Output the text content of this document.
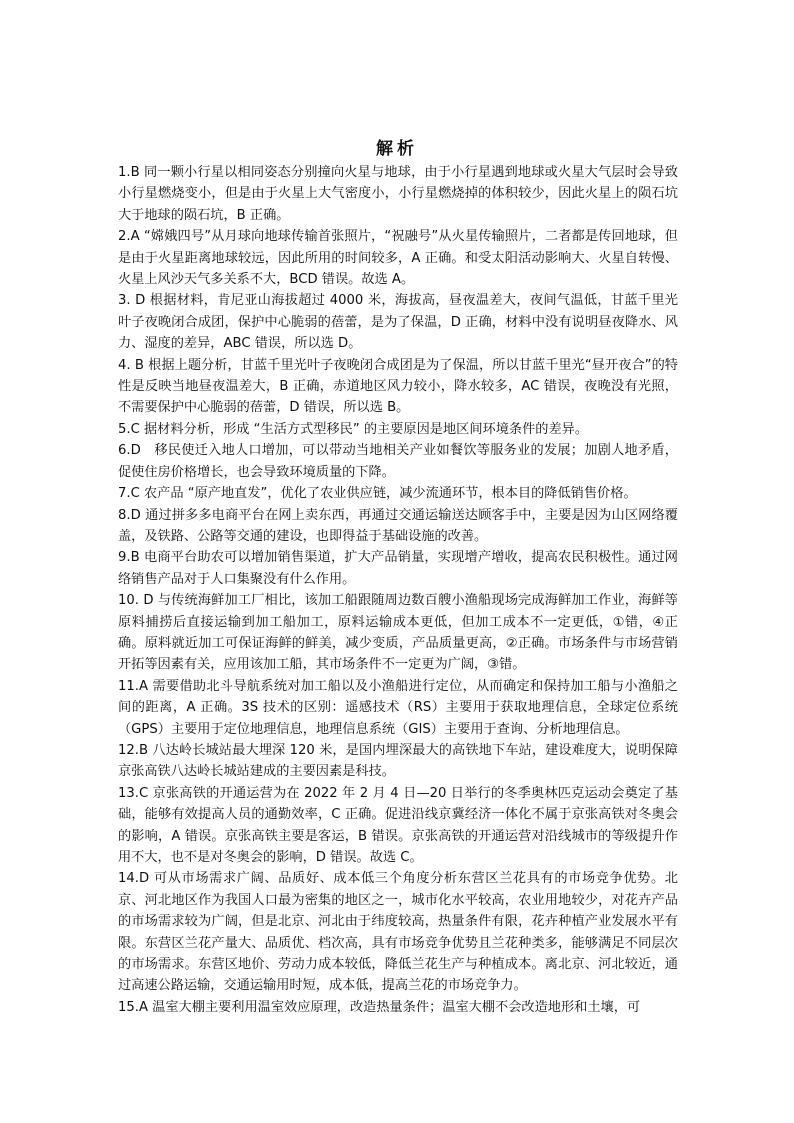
解析

1.B 同一颗小行星以相同姿态分别撞向火星与地球，由于小行星遇到地球或火星大气层时会导致小行星燃烧变小，但是由于火星上大气密度小，小行星燃烧掉的体积较少，因此火星上的陨石坑大于地球的陨石坑，B 正确。

2.A “嫦娥四号”从月球向地球传输首张照片，“祝融号”从火星传输照片，二者都是传回地球，但是由于火星距离地球较远，因此所用的时间较多，A 正确。和受太阳活动影响大、火星自转慢、火星上风沙天气多关系不大，BCD 错误。故选 A。

3. D 根据材料，肯尼亚山海拔超过 4000 米，海拔高，昼夜温差大，夜间气温低，甘蓝千里光叶子夜晚闭合成团，保护中心脆弱的蓓蕾，是为了保温，D 正确，材料中没有说明昼夜降水、风力、湿度的差异，ABC 错误，所以选 D。

4. B 根据上题分析，甘蓝千里光叶子夜晚闭合成团是为了保温，所以甘蓝千里光“昼开夜合”的特性是反映当地昼夜温差大，B 正确，赤道地区风力较小，降水较多，AC 错误，夜晚没有光照，不需要保护中心脆弱的蓓蕾，D 错误，所以选 B。

5.C 据材料分析，形成 “生活方式型移民” 的主要原因是地区间环境条件的差异。

6.D　移民使迁入地人口增加，可以带动当地相关产业如餐饮等服务业的发展；加剧人地矛盾，促使住房价格增长，也会导致环境质量的下降。

7.C 农产品 “原产地直发”，优化了农业供应链，减少流通环节，根本目的降低销售价格。

8.D 通过拼多多电商平台在网上卖东西，再通过交通运输送达顾客手中，主要是因为山区网络覆盖，及铁路、公路等交通的建设，也即得益于基础设施的改善。

9.B 电商平台助农可以增加销售渠道，扩大产品销量，实现增产增收，提高农民积极性。通过网络销售产品对于人口集聚没有什么作用。

10. D 与传统海鲜加工厂相比，该加工船跟随周边数百艘小渔船现场完成海鲜加工作业，海鲜等原料捕捞后直接运输到加工船加工，原料运输成本更低，但加工成本不一定更低，①错，④正确。原料就近加工可保证海鲜的鲜美，减少变质，产品质量更高，②正确。市场条件与市场营销开拓等因素有关，应用该加工船，其市场条件不一定更为广阔，③错。

11.A 需要借助北斗导航系统对加工船以及小渔船进行定位，从而确定和保持加工船与小渔船之间的距离，A 正确。3S 技术的区别：遥感技术（RS）主要用于获取地理信息，全球定位系统（GPS）主要用于定位地理信息，地理信息系统（GIS）主要用于查询、分析地理信息。

12.B 八达岭长城站最大埋深 120 米，是国内埋深最大的高铁地下车站，建设难度大，说明保障京张高铁八达岭长城站建成的主要因素是科技。

13.C 京张高铁的开通运营为在 2022 年 2 月 4 日—20 日举行的冬季奥林匹克运动会奠定了基础，能够有效提高人员的通勤效率，C 正确。促进沿线京冀经济一体化不属于京张高铁对冬奥会的影响，A 错误。京张高铁主要是客运，B 错误。京张高铁的开通运营对沿线城市的等级提升作用不大，也不是对冬奥会的影响，D 错误。故选 C。

14.D 可从市场需求广阔、品质好、成本低三个角度分析东营区兰花具有的市场竞争优势。北京、河北地区作为我国人口最为密集的地区之一，城市化水平较高，农业用地较少，对花卉产品的市场需求较为广阔，但是北京、河北由于纬度较高，热量条件有限，花卉种植产业发展水平有限。东营区兰花产量大、品质优、档次高，具有市场竞争优势且兰花种类多，能够满足不同层次的市场需求。东营区地价、劳动力成本较低，降低兰花生产与种植成本。离北京、河北较近，通过高速公路运输，交通运输用时短，成本低，提高兰花的市场竞争力。

15.A 温室大棚主要利用温室效应原理，改造热量条件；温室大棚不会改造地形和土壤，可
